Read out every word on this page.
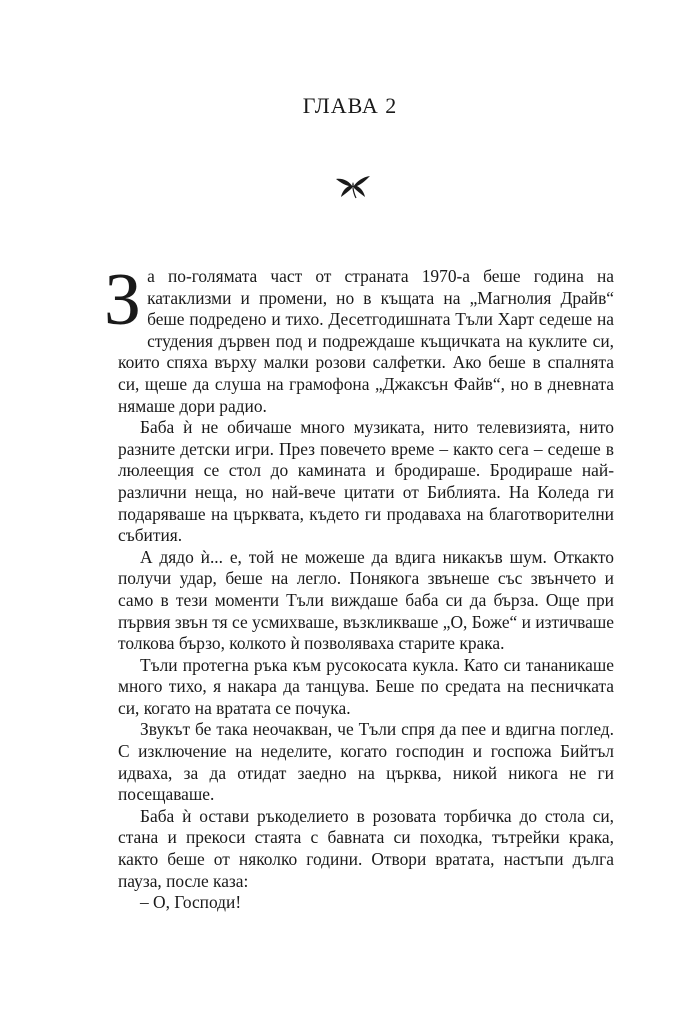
ГЛАВА 2

За по-голямата част от страната 1970-а беше година на катаклизми и промени, но в къщата на „Магнолия Драйв“ беше подредено и тихо. Десетгодишната Тъли Харт седеше на студения дървен под и подреждаше къщичката на куклите си, които спяха върху малки розови салфетки. Ако беше в спалнята си, щеше да слуша на грамофона „Джаксън Файв“, но в дневната нямаше дори радио.

Баба ѝ не обичаше много музиката, нито телевизията, нито разните детски игри. През повечето време – както сега – седеше в люлеещия се стол до камината и бродираше. Бродираше най-различни неща, но най-вече цитати от Библията. На Коледа ги подаряваше на църквата, където ги продаваха на благотворителни събития.

А дядо ѝ... е, той не можеше да вдига никакъв шум. Откакто получи удар, беше на легло. Понякога звънеше със звънчето и само в тези моменти Тъли виждаше баба си да бърза. Още при първия звън тя се усмихваше, възкликваше „О, Боже“ и изтичваше толкова бързо, колкото ѝ позволяваха старите крака.

Тъли протегна ръка към русокосата кукла. Като си тананикаше много тихо, я накара да танцува. Беше по средата на песничката си, когато на вратата се почука.

Звукът бе така неочакван, че Тъли спря да пее и вдигна поглед. С изключение на неделите, когато господин и госпожа Бийтъл идваха, за да отидат заедно на църква, никой никога не ги посещаваше.

Баба ѝ остави ръкоделието в розовата торбичка до стола си, стана и прекоси стаята с бавната си походка, тътрейки крака, както беше от няколко години. Отвори вратата, настъпи дълга пауза, после каза:

– О, Господи!
